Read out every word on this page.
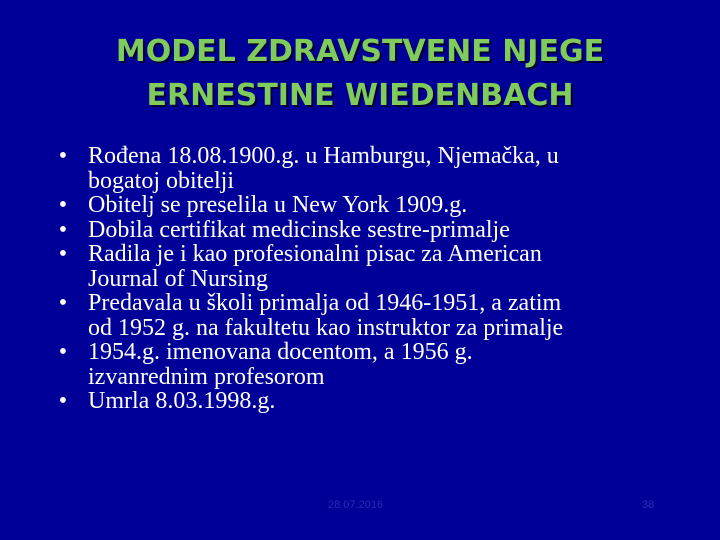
MODEL ZDRAVSTVENE NJEGE
ERNESTINE WIEDENBACH
• Rođena 18.08.1900.g. u Hamburgu, Njemačka, u
bogatoj obitelji
• Obitelj se preselila u New York 1909.g.
• Dobila certifikat medicinske sestre-primalje
• Radila je i kao profesionalni pisac za American
Journal of Nursing
• Predavala u školi primalja od 1946-1951, a zatim
od 1952 g. na fakultetu kao instruktor za primalje
• 1954.g. imenovana docentom, a 1956 g.
izvanrednim profesorom
• Umrla 8.03.1998.g.
28.07.2016	38
